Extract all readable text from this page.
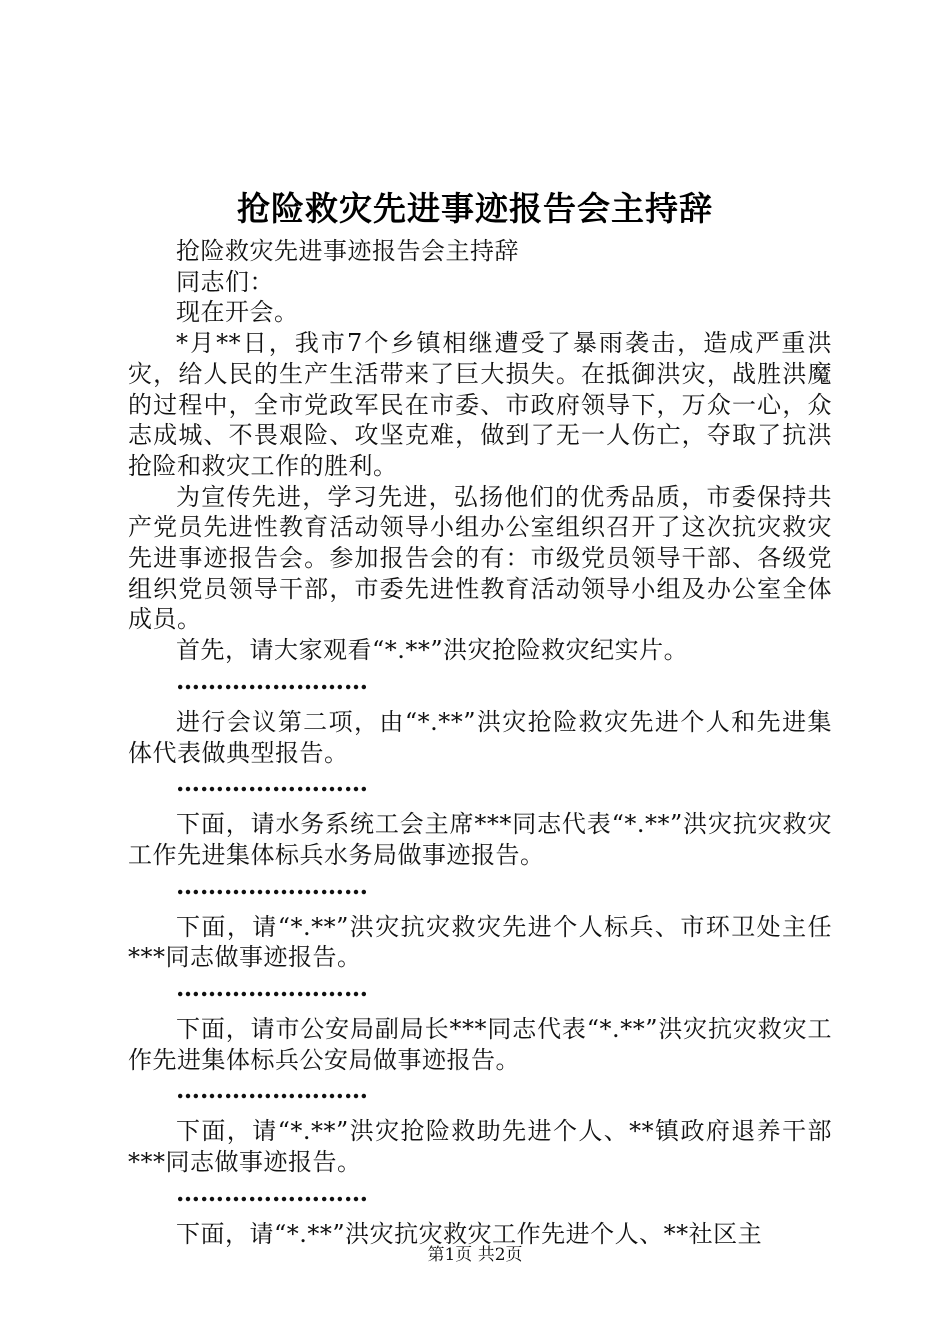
抢险救灾先进事迹报告会主持辞

抢险救灾先进事迹报告会主持辞

同志们：

现在开会。

*月**日，我市7个乡镇相继遭受了暴雨袭击，造成严重洪灾，给人民的生产生活带来了巨大损失。在抵御洪灾，战胜洪魔的过程中，全市党政军民在市委、市政府领导下，万众一心，众志成城、不畏艰险、攻坚克难，做到了无一人伤亡，夺取了抗洪抢险和救灾工作的胜利。

为宣传先进，学习先进，弘扬他们的优秀品质，市委保持共产党员先进性教育活动领导小组办公室组织召开了这次抗灾救灾先进事迹报告会。参加报告会的有：市级党员领导干部、各级党组织党员领导干部，市委先进性教育活动领导小组及办公室全体成员。

首先，请大家观看“*.**”洪灾抢险救灾纪实片。

……………………

进行会议第二项，由“*.**”洪灾抢险救灾先进个人和先进集体代表做典型报告。

……………………

下面，请水务系统工会主席***同志代表“*.**”洪灾抗灾救灾工作先进集体标兵水务局做事迹报告。

……………………

下面，请“*.**”洪灾抗灾救灾先进个人标兵、市环卫处主任***同志做事迹报告。

……………………

下面，请市公安局副局长***同志代表“*.**”洪灾抗灾救灾工作先进集体标兵公安局做事迹报告。

……………………

下面，请“*.**”洪灾抢险救助先进个人、**镇政府退养干部***同志做事迹报告。

……………………

下面，请“*.**”洪灾抗灾救灾工作先进个人、**社区主

第1页 共2页
